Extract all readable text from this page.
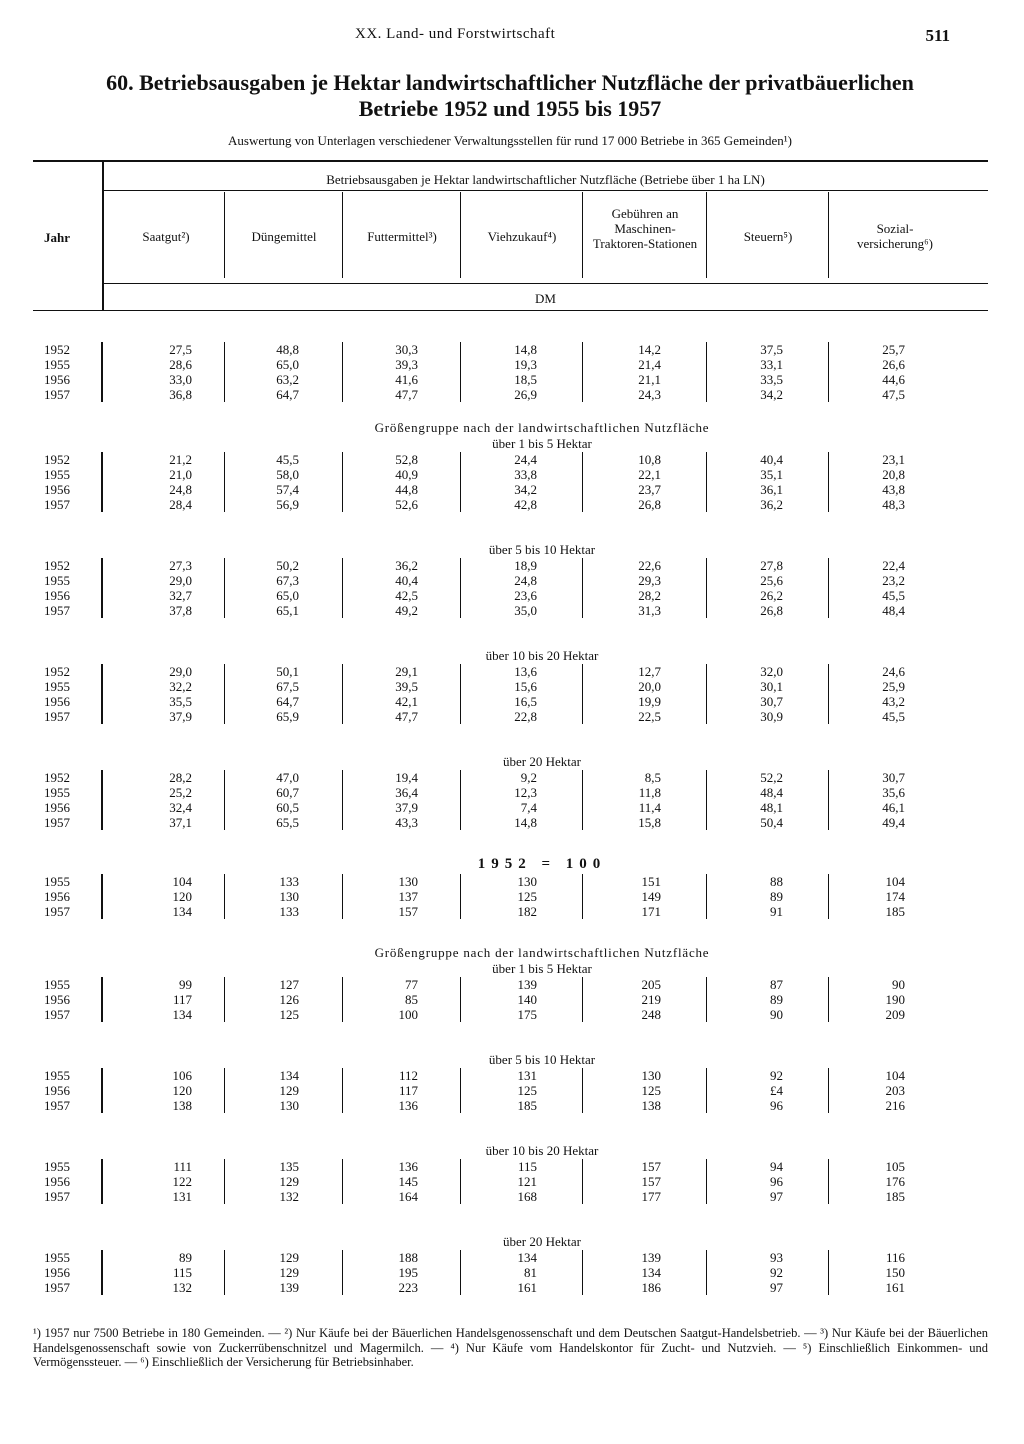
XX. Land- und Forstwirtschaft	511
60. Betriebsausgaben je Hektar landwirtschaftlicher Nutzfläche der privatbäuerlichen
Betriebe 1952 und 1955 bis 1957
Auswertung von Unterlagen verschiedener Verwaltungsstellen für rund 17 000 Betriebe in 365 Gemeinden¹)
Jahr
Betriebsausgaben je Hektar landwirtschaftlicher Nutzfläche (Betriebe über 1 ha LN)
Saatgut²)	Düngemittel	Futtermittel³)	Viehzukauf⁴)
Gebühren an Maschinen-Traktoren-Stationen	Steuern⁵)	Sozial-versicherung⁶)
DM
1952	27,5	48,8	30,3	14,8	14,2	37,5	25,7
1955	28,6	65,0	39,3	19,3	21,4	33,1	26,6
1956	33,0	63,2	41,6	18,5	21,1	33,5	44,6
1957	36,8	64,7	47,7	26,9	24,3	34,2	47,5
Größengruppe nach der landwirtschaftlichen Nutzfläche
über 1 bis 5 Hektar
1952	21,2	45,5	52,8	24,4	10,8	40,4	23,1
1955	21,0	58,0	40,9	33,8	22,1	35,1	20,8
1956	24,8	57,4	44,8	34,2	23,7	36,1	43,8
1957	28,4	56,9	52,6	42,8	26,8	36,2	48,3
über 5 bis 10 Hektar
1952	27,3	50,2	36,2	18,9	22,6	27,8	22,4
1955	29,0	67,3	40,4	24,8	29,3	25,6	23,2
1956	32,7	65,0	42,5	23,6	28,2	26,2	45,5
1957	37,8	65,1	49,2	35,0	31,3	26,8	48,4
über 10 bis 20 Hektar
1952	29,0	50,1	29,1	13,6	12,7	32,0	24,6
1955	32,2	67,5	39,5	15,6	20,0	30,1	25,9
1956	35,5	64,7	42,1	16,5	19,9	30,7	43,2
1957	37,9	65,9	47,7	22,8	22,5	30,9	45,5
über 20 Hektar
1952	28,2	47,0	19,4	9,2	8,5	52,2	30,7
1955	25,2	60,7	36,4	12,3	11,8	48,4	35,6
1956	32,4	60,5	37,9	7,4	11,4	48,1	46,1
1957	37,1	65,5	43,3	14,8	15,8	50,4	49,4
1952 = 100
1955	104	133	130	130	151	88	104
1956	120	130	137	125	149	89	174
1957	134	133	157	182	171	91	185
Größengruppe nach der landwirtschaftlichen Nutzfläche
über 1 bis 5 Hektar
1955	99	127	77	139	205	87	90
1956	117	126	85	140	219	89	190
1957	134	125	100	175	248	90	209
über 5 bis 10 Hektar
1955	106	134	112	131	130	92	104
1956	120	129	117	125	125	£4	203
1957	138	130	136	185	138	96	216
über 10 bis 20 Hektar
1955	111	135	136	115	157	94	105
1956	122	129	145	121	157	96	176
1957	131	132	164	168	177	97	185
über 20 Hektar
1955	89	129	188	134	139	93	116
1956	115	129	195	81	134	92	150
1957	132	139	223	161	186	97	161
¹) 1957 nur 7500 Betriebe in 180 Gemeinden. — ²) Nur Käufe bei der Bäuerlichen Handelsgenossenschaft und dem Deutschen Saatgut-Handelsbetrieb. — ³) Nur Käufe bei der Bäuerlichen Handelsgenossenschaft sowie von Zuckerrübenschnitzel und Magermilch. — ⁴) Nur Käufe vom Handelskontor für Zucht- und Nutzvieh. — ⁵) Einschließlich Einkommen- und Vermögenssteuer. — ⁶) Einschließlich der Versicherung für Betriebsinhaber.
